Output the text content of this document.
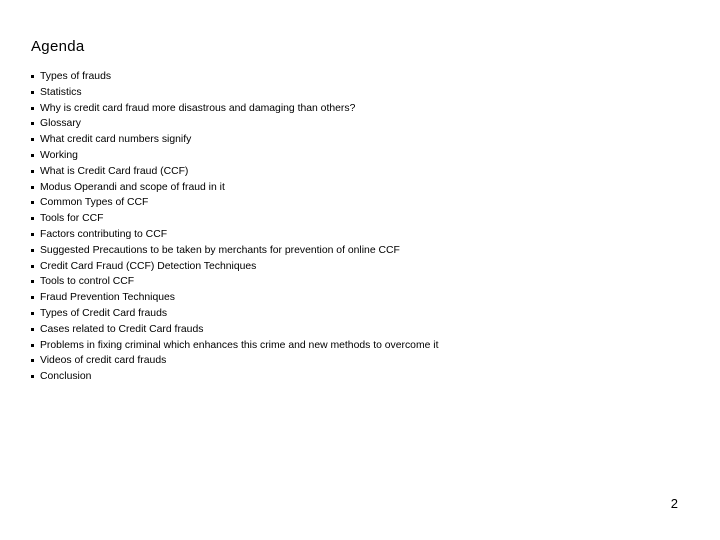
Agenda
Types of frauds
Statistics
Why is credit card fraud more disastrous and damaging than others?
Glossary
What credit card numbers signify
Working
What is Credit Card fraud (CCF)
Modus Operandi and scope of fraud in it
Common Types of CCF
Tools for CCF
Factors contributing to CCF
Suggested Precautions to be taken by merchants for prevention of online CCF
Credit Card Fraud (CCF) Detection Techniques
Tools to control CCF
Fraud Prevention Techniques
Types of Credit Card frauds
Cases related to Credit Card frauds
Problems in fixing criminal which enhances this crime and new methods to overcome it
Videos of credit card frauds
Conclusion
2
